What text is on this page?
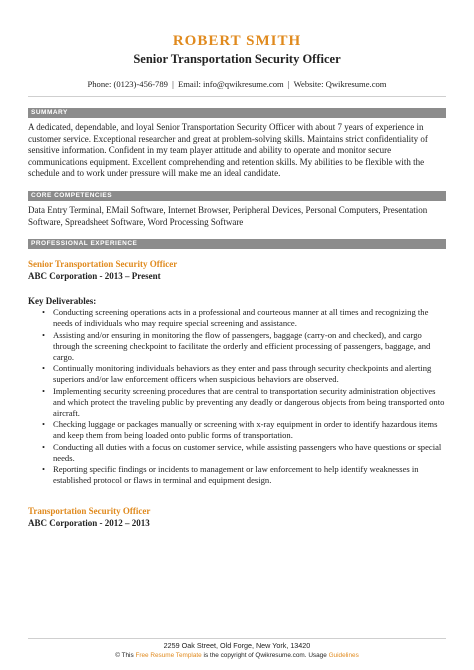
ROBERT SMITH
Senior Transportation Security Officer
Phone: (0123)-456-789 | Email: info@qwikresume.com | Website: Qwikresume.com
SUMMARY
A dedicated, dependable, and loyal Senior Transportation Security Officer with about 7 years of experience in customer service. Exceptional researcher and great at problem-solving skills. Maintains strict confidentiality of sensitive information. Confident in my team player attitude and ability to operate and monitor secure communications equipment. Excellent comprehending and retention skills. My abilities to be flexible with the schedule and to work under pressure will make me an ideal candidate.
CORE COMPETENCIES
Data Entry Terminal, EMail Software, Internet Browser, Peripheral Devices, Personal Computers, Presentation Software, Spreadsheet Software, Word Processing Software
PROFESSIONAL EXPERIENCE
Senior Transportation Security Officer
ABC Corporation - 2013 – Present
Key Deliverables:
• Conducting screening operations acts in a professional and courteous manner at all times and recognizing the needs of individuals who may require special screening and assistance.
• Assisting and/or ensuring in monitoring the flow of passengers, baggage (carry-on and checked), and cargo through the screening checkpoint to facilitate the orderly and efficient processing of passengers, baggage, and cargo.
• Continually monitoring individuals behaviors as they enter and pass through security checkpoints and alerting superiors and/or law enforcement officers when suspicious behaviors are observed.
• Implementing security screening procedures that are central to transportation security administration objectives and which protect the traveling public by preventing any deadly or dangerous objects from being transported onto aircraft.
• Checking luggage or packages manually or screening with x-ray equipment in order to identify hazardous items and keep them from being loaded onto public forms of transportation.
• Conducting all duties with a focus on customer service, while assisting passengers who have questions or special needs.
• Reporting specific findings or incidents to management or law enforcement to help identify weaknesses in established protocol or flaws in terminal and equipment design.
Transportation Security Officer
ABC Corporation - 2012 – 2013
2259 Oak Street, Old Forge, New York, 13420
© This Free Resume Template is the copyright of Qwikresume.com. Usage Guidelines
